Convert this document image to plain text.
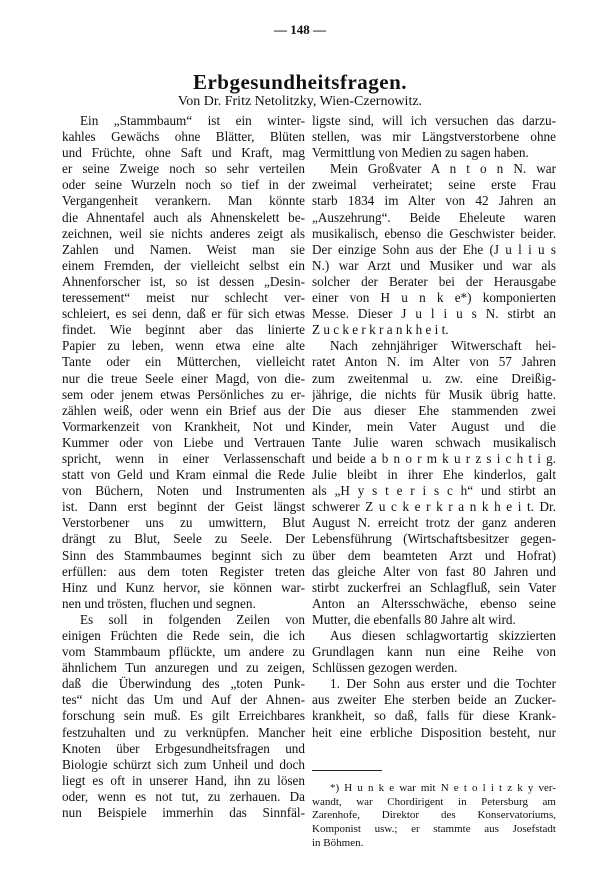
— 148 —
Erbgesundheitsfragen.
Von Dr. Fritz Netolitzky, Wien-Czernowitz.
Ein „Stammbaum“ ist ein winter-
kahles Gewächs ohne Blätter, Blüten
und Früchte, ohne Saft und Kraft, mag
er seine Zweige noch so sehr verteilen
oder seine Wurzeln noch so tief in der
Vergangenheit verankern. Man könnte
die Ahnentafel auch als Ahnenskelett be-
zeichnen, weil sie nichts anderes zeigt als
Zahlen und Namen. Weist man sie
einem Fremden, der vielleicht selbst ein
Ahnenforscher ist, so ist dessen „Desin-
teressement“ meist nur schlecht ver-
schleiert, es sei denn, daß er für sich etwas
findet. Wie beginnt aber das linierte
Papier zu leben, wenn etwa eine alte
Tante oder ein Mütterchen, vielleicht
nur die treue Seele einer Magd, von die-
sem oder jenem etwas Persönliches zu er-
zählen weiß, oder wenn ein Brief aus der
Vormarkenzeit von Krankheit, Not und
Kummer oder von Liebe und Vertrauen
spricht, wenn in einer Verlassenschaft
statt von Geld und Kram einmal die Rede
von Büchern, Noten und Instrumenten
ist. Dann erst beginnt der Geist längst
Verstorbener uns zu umwittern, Blut
drängt zu Blut, Seele zu Seele. Der
Sinn des Stammbaumes beginnt sich zu
erfüllen: aus dem toten Register treten
Hinz und Kunz hervor, sie können war-
nen und trösten, fluchen und segnen.
Es soll in folgenden Zeilen von
einigen Früchten die Rede sein, die ich
vom Stammbaum pflückte, um andere zu
ähnlichem Tun anzuregen und zu zeigen,
daß die Überwindung des „toten Punk-
tes“ nicht das Um und Auf der Ahnen-
forschung sein muß. Es gilt Erreichbares
festzuhalten und zu verknüpfen. Mancher
Knoten über Erbgesundheitsfragen und
Biologie schürzt sich zum Unheil und doch
liegt es oft in unserer Hand, ihn zu lösen
oder, wenn es not tut, zu zerhauen. Da
nun Beispiele immerhin das Sinnfäl-
ligste sind, will ich versuchen das darzu-
stellen, was mir Längstverstorbene ohne
Vermittlung von Medien zu sagen haben.
Mein Großvater A n t o n N. war
zweimal verheiratet; seine erste Frau
starb 1834 im Alter von 42 Jahren an
„Auszehrung“. Beide Eheleute waren
musikalisch, ebenso die Geschwister beider.
Der einzige Sohn aus der Ehe (J u l i u s
N.) war Arzt und Musiker und war als
solcher der Berater bei der Herausgabe
einer von H u n k e*) komponierten
Messe. Dieser J u l i u s N. stirbt an
Z u c k e r k r a n k h e i t.
Nach zehnjähriger Witwerschaft hei-
ratet Anton N. im Alter von 57 Jahren
zum zweitenmal u. zw. eine Dreißig-
jährige, die nichts für Musik übrig hatte.
Die aus dieser Ehe stammenden zwei
Kinder, mein Vater August und die
Tante Julie waren schwach musikalisch
und beide a b n o r m k u r z s i c h t i g.
Julie bleibt in ihrer Ehe kinderlos, galt
als „H y s t e r i s c h“ und stirbt an
schwerer Z u c k e r k r a n k h e i t. Dr.
August N. erreicht trotz der ganz anderen
Lebensführung (Wirtschaftsbesitzer gegen-
über dem beamteten Arzt und Hofrat)
das gleiche Alter von fast 80 Jahren und
stirbt zuckerfrei an Schlagfluß, sein Vater
Anton an Altersschwäche, ebenso seine
Mutter, die ebenfalls 80 Jahre alt wird.
Aus diesen schlagwortartig skizzierten
Grundlagen kann nun eine Reihe von
Schlüssen gezogen werden.
1. Der Sohn aus erster und die Tochter
aus zweiter Ehe sterben beide an Zucker-
krankheit, so daß, falls für diese Krank-
heit eine erbliche Disposition besteht, nur
*) H u n k e war mit N e t o l i t z k y ver-
wandt, war Chordirigent in Petersburg am
Zarenhofe, Direktor des Konservatoriums,
Komponist usw.; er stammte aus Josefstadt
in Böhmen.
